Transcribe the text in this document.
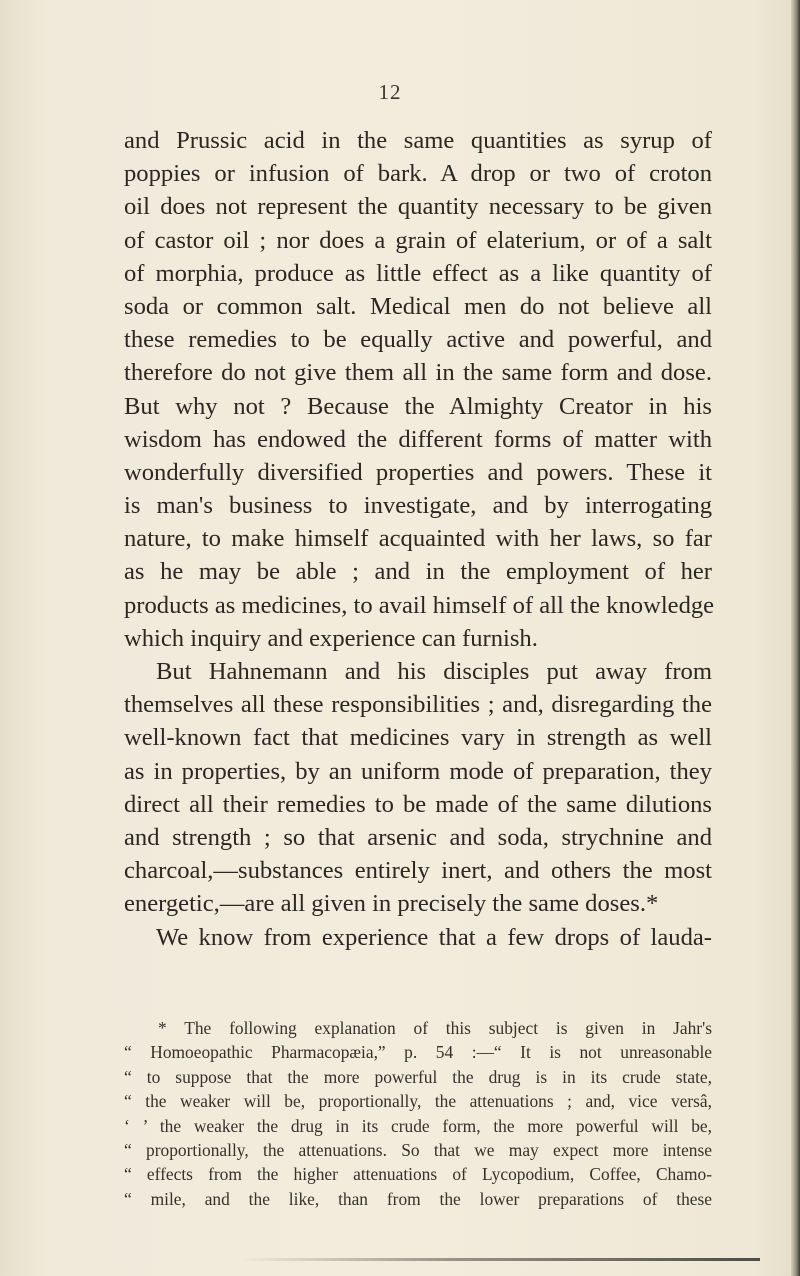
12
and Prussic acid in the same quantities as syrup of
poppies or infusion of bark. A drop or two of croton
oil does not represent the quantity necessary to be given
of castor oil ; nor does a grain of elaterium, or of a salt
of morphia, produce as little effect as a like quantity of
soda or common salt. Medical men do not believe all
these remedies to be equally active and powerful, and
therefore do not give them all in the same form and dose.
But why not ? Because the Almighty Creator in his
wisdom has endowed the different forms of matter with
wonderfully diversified properties and powers. These it
is man's business to investigate, and by interrogating
nature, to make himself acquainted with her laws, so far
as he may be able ; and in the employment of her
products as medicines, to avail himself of all the knowledge
which inquiry and experience can furnish.
But Hahnemann and his disciples put away from
themselves all these responsibilities ; and, disregarding the
well-known fact that medicines vary in strength as well
as in properties, by an uniform mode of preparation, they
direct all their remedies to be made of the same dilutions
and strength ; so that arsenic and soda, strychnine and
charcoal,—substances entirely inert, and others the most
energetic,—are all given in precisely the same doses.*
We know from experience that a few drops of lauda-
* The following explanation of this subject is given in Jahr's
“ Homoeopathic Pharmacopæia,” p. 54 :—“ It is not unreasonable
“ to suppose that the more powerful the drug is in its crude state,
“ the weaker will be, proportionally, the attenuations ; and, vice versâ,
‘ ’ the weaker the drug in its crude form, the more powerful will be,
“ proportionally, the attenuations. So that we may expect more intense
“ effects from the higher attenuations of Lycopodium, Coffee, Chamo-
“ mile, and the like, than from the lower preparations of these
